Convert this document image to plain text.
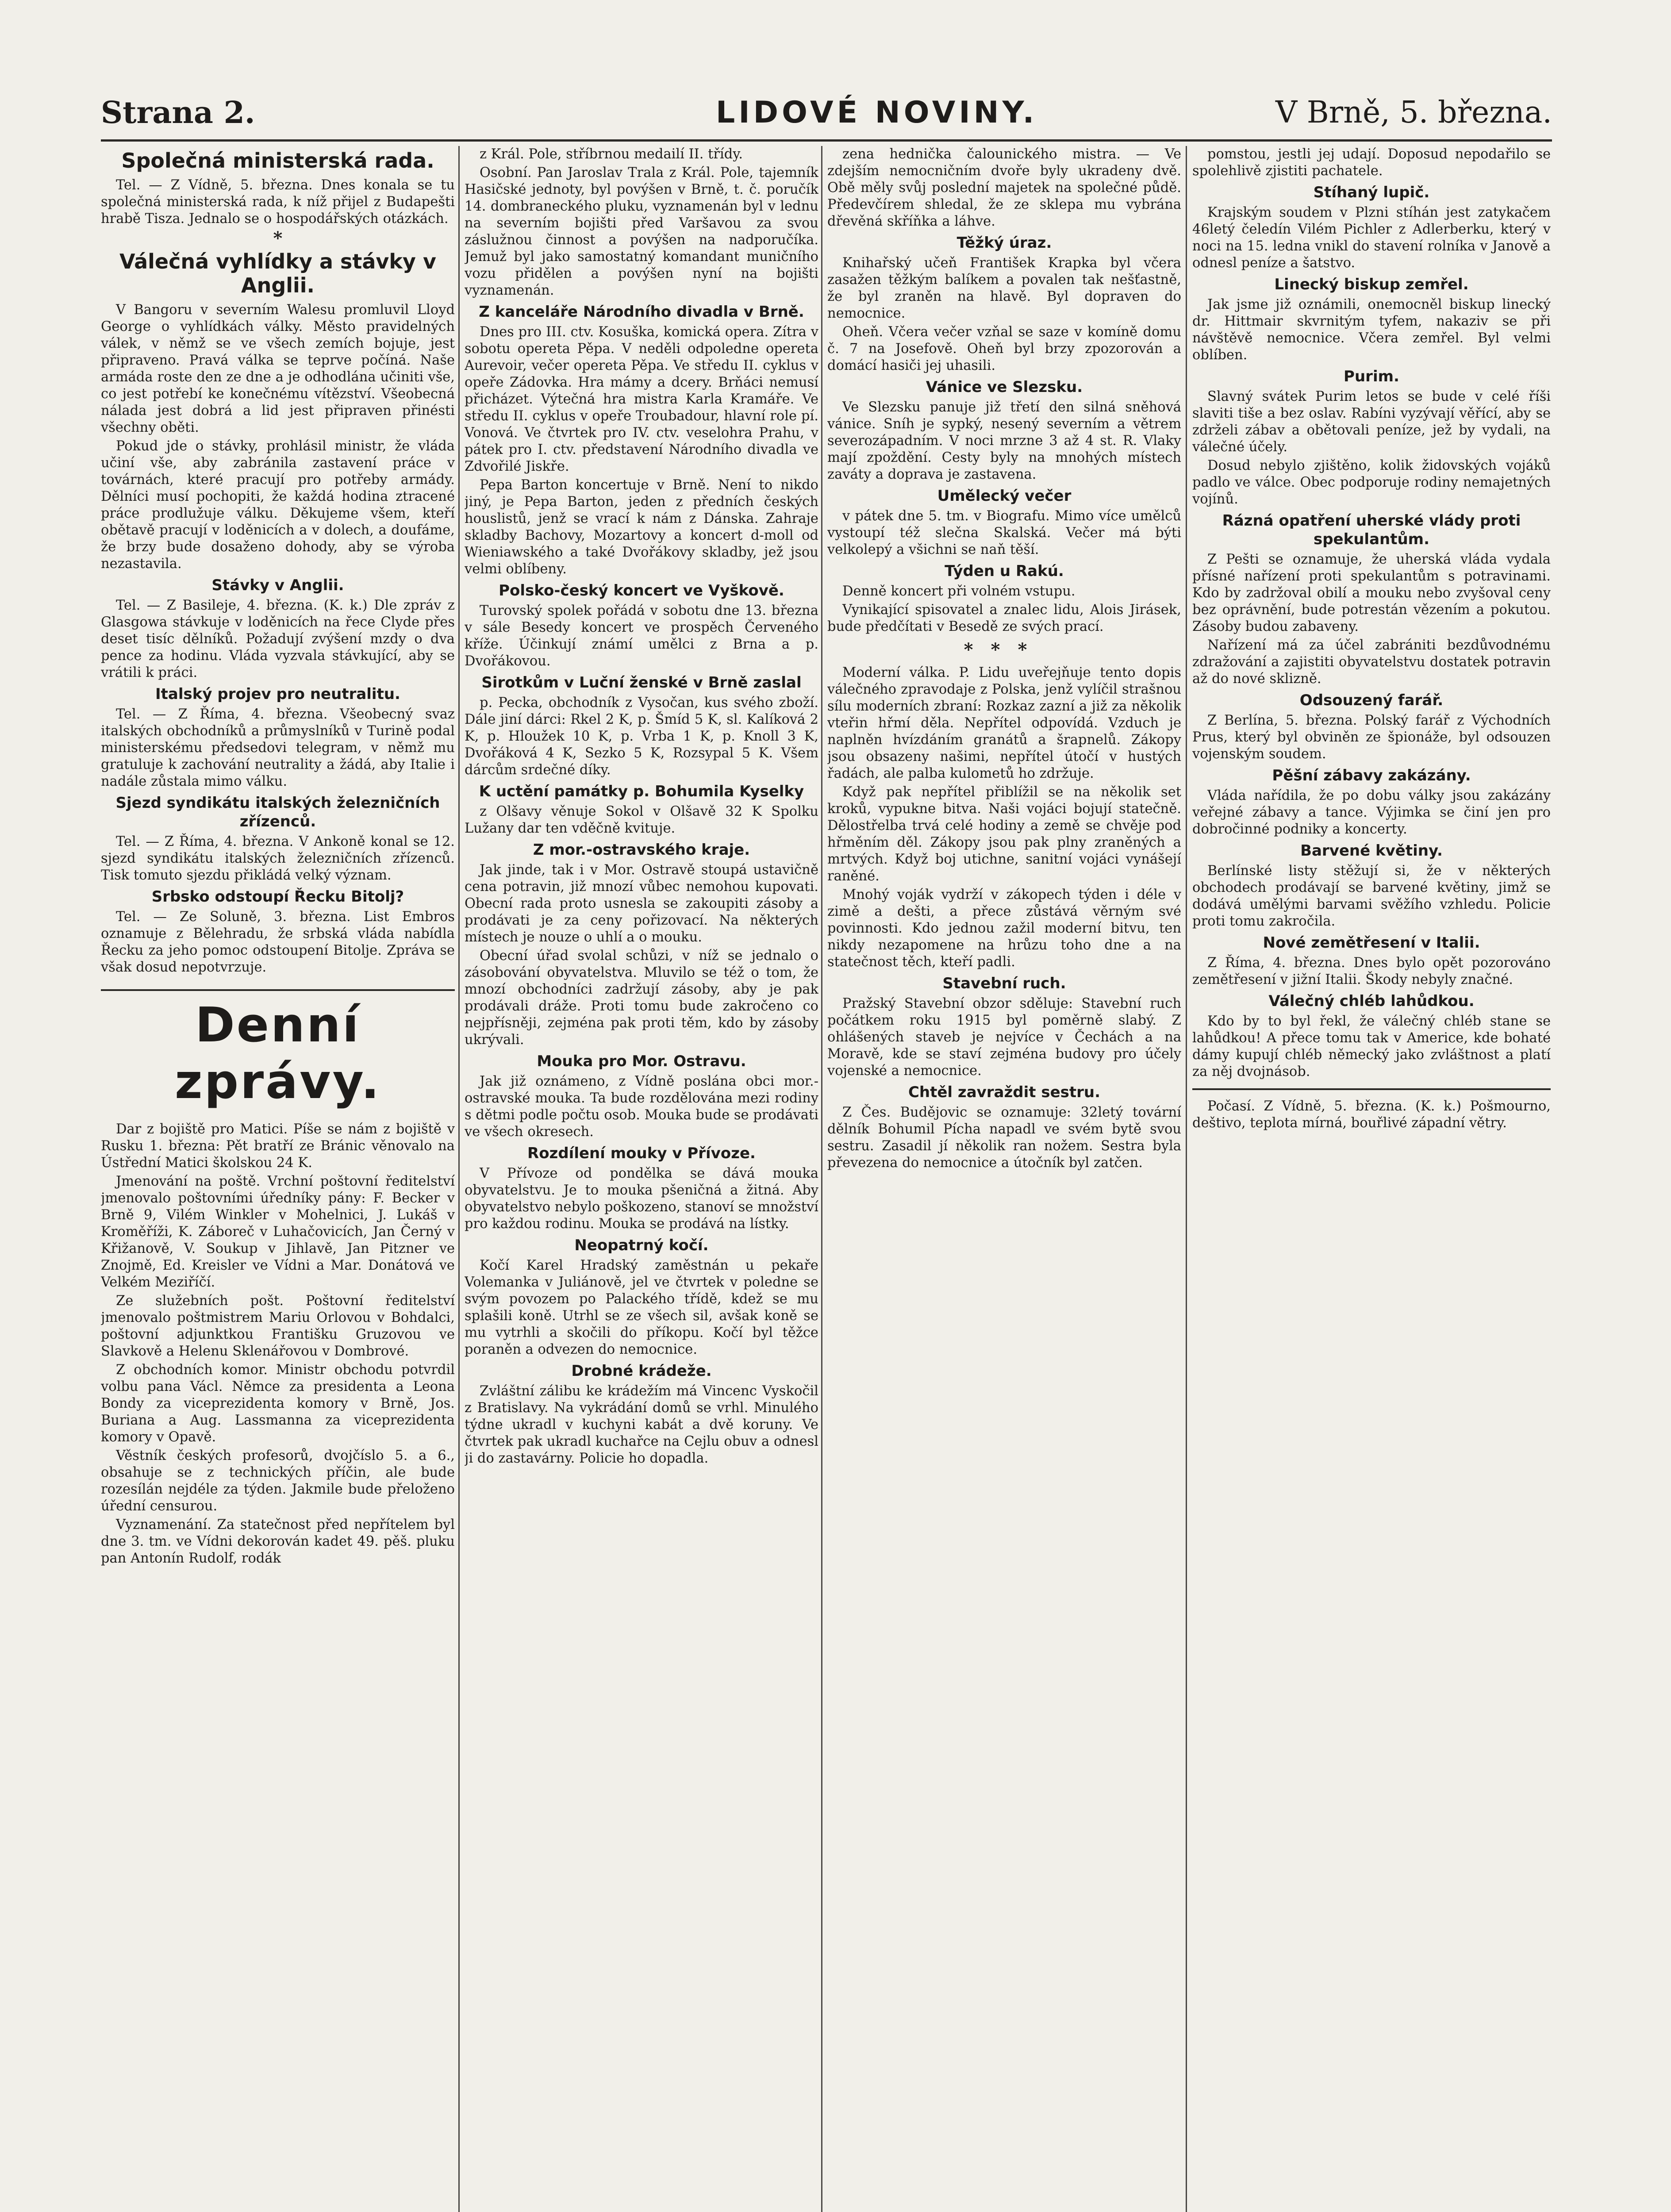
Strana 2.	LIDOVÉ NOVINY.	V Brně, 5. března.
Společná ministerská rada.

Tel. — Z Vídně, 5. března. Dnes konala se tu společná ministerská rada, k níž přijel z Budapešti hrabě Tisza. Jednalo se o hospodářských otázkách.

*
Válečná vyhlídky a stávky v Anglii.

V Bangoru v severním Walesu promluvil Lloyd George o vyhlídkách války. Město pravidelných válek, v němž se ve všech zemích bojuje, jest připraveno. Pravá válka se teprve počíná. Naše armáda roste den ze dne a je odhodlána učiniti vše, co jest potřebí ke konečnému vítězství. Všeobecná nálada jest dobrá a lid jest připraven přinésti všechny oběti.

Pokud jde o stávky, prohlásil ministr, že vláda učiní vše, aby zabránila zastavení práce v továrnách, které pracují pro potřeby armády. Dělníci musí pochopiti, že každá hodina ztracené práce prodlužuje válku. Děkujeme všem, kteří obětavě pracují v loděnicích a v dolech, a doufáme, že brzy bude dosaženo dohody, aby se výroba nezastavila.

Stávky v Anglii.

Tel. — Z Basileje, 4. března. (K. k.) Dle zpráv z Glasgowa stávkuje v loděnicích na řece Clyde přes deset tisíc dělníků. Požadují zvýšení mzdy o dva pence za hodinu. Vláda vyzvala stávkující, aby se vrátili k práci.

Italský projev pro neutralitu.

Tel. — Z Říma, 4. března. Všeobecný svaz italských obchodníků a průmyslníků v Turině podal ministerskému předsedovi telegram, v němž mu gratuluje k zachování neutrality a žádá, aby Italie i nadále zůstala mimo válku.

Sjezd syndikátu italských železničních zřízenců.

Tel. — Z Říma, 4. března. V Ankoně konal se 12. sjezd syndikátu italských železničních zřízenců. Tisk tomuto sjezdu přikládá velký význam.

Srbsko odstoupí Řecku Bitolj?

Tel. — Ze Soluně, 3. března. List Embros oznamuje z Bělehradu, že srbská vláda nabídla Řecku za jeho pomoc odstoupení Bitolje. Zpráva se však dosud nepotvrzuje.

Denní zprávy.

Dar z bojiště pro Matici. Píše se nám z bojiště v Rusku 1. března: Pět bratří ze Bránic věnovalo na Ústřední Matici školskou 24 K.

Jmenování na poště. Vrchní poštovní ředitelství jmenovalo poštovními úředníky pány: F. Becker v Brně 9, Vilém Winkler v Mohelnici, J. Lukáš v Kroměříži, K. Záboreč v Luhačovicích, Jan Černý v Křižanově, V. Soukup v Jihlavě, Jan Pitzner ve Znojmě, Ed. Kreisler ve Vídni a Mar. Donátová ve Velkém Meziříčí.

Ze služebních pošt. Poštovní ředitelství jmenovalo poštmistrem Mariu Orlovou v Bohdalci, poštovní adjunktkou Františku Gruzovou ve Slavkově a Helenu Sklenářovou v Dombrové.

Z obchodních komor. Ministr obchodu potvrdil volbu pana Václ. Němce za presidenta a Leona Bondy za viceprezidenta komory v Brně, Jos. Buriana a Aug. Lassmanna za viceprezidenta komory v Opavě.

Věstník českých profesorů, dvojčíslo 5. a 6., obsahuje se z technických příčin, ale bude rozesílán nejdéle za týden. Jakmile bude přeloženo úřední censurou.

Vyznamenání. Za statečnost před nepřítelem byl dne 3. tm. ve Vídni dekorován kadet 49. pěš. pluku pan Antonín Rudolf, rodák

z Král. Pole, stříbrnou medailí II. třídy.

Osobní. Pan Jaroslav Trala z Král. Pole, tajemník Hasičské jednoty, byl povýšen v Brně, t. č. poručík 14. dombraneckého pluku, vyznamenán byl v lednu na severním bojišti před Varšavou za svou záslužnou činnost a povýšen na nadporučíka. Jemuž byl jako samostatný komandant muničního vozu přidělen a povýšen nyní na bojišti vyznamenán.

Z kanceláře Národního divadla v Brně.

Dnes pro III. ctv. Kosuška, komická opera. Zítra v sobotu opereta Pěpa. V neděli odpoledne opereta Aurevoir, večer opereta Pěpa. Ve středu II. cyklus v opeře Zádovka. Hra mámy a dcery. Brňáci nemusí přicházet. Výtečná hra mistra Karla Kramáře. Ve středu II. cyklus v opeře Troubadour, hlavní role pí. Vonová. Ve čtvrtek pro IV. ctv. veselohra Prahu, v pátek pro I. ctv. představení Národního divadla ve Zdvořilé Jiskře.

Pepa Barton koncertuje v Brně. Není to nikdo jiný, je Pepa Barton, jeden z předních českých houslistů, jenž se vrací k nám z Dánska. Zahraje skladby Bachovy, Mozartovy a koncert d-moll od Wieniawského a také Dvořákovy skladby, jež jsou velmi oblíbeny.

Polsko-český koncert ve Vyškově.

Turovský spolek pořádá v sobotu dne 13. března v sále Besedy koncert ve prospěch Červeného kříže. Účinkují známí umělci z Brna a p. Dvořákovou.

Sirotkům v Luční ženské v Brně zaslal

p. Pecka, obchodník z Vysočan, kus svého zboží. Dále jiní dárci: Rkel 2 K, p. Šmíd 5 K, sl. Kalíková 2 K, p. Hloužek 10 K, p. Vrba 1 K, p. Knoll 3 K, Dvořáková 4 K, Sezko 5 K, Rozsypal 5 K. Všem dárcům srdečné díky.

K uctění památky p. Bohumila Kyselky

z Olšavy věnuje Sokol v Olšavě 32 K Spolku Lužany dar ten vděčně kvituje.

Z mor.-ostravského kraje.

Jak jinde, tak i v Mor. Ostravě stoupá ustavičně cena potravin, již mnozí vůbec nemohou kupovati. Obecní rada proto usnesla se zakoupiti zásoby a prodávati je za ceny pořizovací. Na některých místech je nouze o uhlí a o mouku.

Obecní úřad svolal schůzi, v níž se jednalo o zásobování obyvatelstva. Mluvilo se též o tom, že mnozí obchodníci zadržují zásoby, aby je pak prodávali dráže. Proti tomu bude zakročeno co nejpřísněji, zejména pak proti těm, kdo by zásoby ukrývali.

Mouka pro Mor. Ostravu.

Jak již oznámeno, z Vídně poslána obci mor.-ostravské mouka. Ta bude rozdělována mezi rodiny s dětmi podle počtu osob. Mouka bude se prodávati ve všech okresech.

Rozdílení mouky v Přívoze.

V Přívoze od pondělka se dává mouka obyvatelstvu. Je to mouka pšeničná a žitná. Aby obyvatelstvo nebylo poškozeno, stanoví se množství pro každou rodinu. Mouka se prodává na lístky.

Neopatrný kočí.

Kočí Karel Hradský zaměstnán u pekaře Volemanka v Juliánově, jel ve čtvrtek v poledne se svým povozem po Palackého třídě, kdež se mu splašili koně. Utrhl se ze všech sil, avšak koně se mu vytrhli a skočili do příkopu. Kočí byl těžce poraněn a odvezen do nemocnice.

Drobné krádeže.

Zvláštní zálibu ke krádežím má Vincenc Vyskočil z Bratislavy. Na vykrádání domů se vrhl. Minulého týdne ukradl v kuchyni kabát a dvě koruny. Ve čtvrtek pak ukradl kuchařce na Cejlu obuv a odnesl ji do zastavárny. Policie ho dopadla.

zena hednička čalounického mistra. — Ve zdejším nemocničním dvoře byly ukradeny dvě. Obě měly svůj poslední majetek na společné půdě. Předevčírem shledal, že ze sklepa mu vybrána dřevěná skříňka a láhve.

Těžký úraz.

Knihařský učeň František Krapka byl včera zasažen těžkým balíkem a povalen tak nešťastně, že byl zraněn na hlavě. Byl dopraven do nemocnice.

Oheň. Včera večer vzňal se saze v komíně domu č. 7 na Josefově. Oheň byl brzy zpozorován a domácí hasiči jej uhasili.

Vánice ve Slezsku.

Ve Slezsku panuje již třetí den silná sněhová vánice. Sníh je sypký, nesený severním a větrem severozápadním. V noci mrzne 3 až 4 st. R. Vlaky mají zpoždění. Cesty byly na mnohých místech zaváty a doprava je zastavena.

Umělecký večer

v pátek dne 5. tm. v Biografu. Mimo více umělců vystoupí též slečna Skalská. Večer má býti velkolepý a všichni se naň těší.

Týden u Rakú.

Denně koncert při volném vstupu.

Vynikající spisovatel a znalec lidu, Alois Jirásek, bude předčítati v Besedě ze svých prací.

***

Moderní válka. P. Lidu uveřejňuje tento dopis válečného zpravodaje z Polska, jenž vylíčil strašnou sílu moderních zbraní: Rozkaz zazní a již za několik vteřin hřmí děla. Nepřítel odpovídá. Vzduch je naplněn hvízdáním granátů a šrapnelů. Zákopy jsou obsazeny našimi, nepřítel útočí v hustých řadách, ale palba kulometů ho zdržuje.

Když pak nepřítel přiblížil se na několik set kroků, vypukne bitva. Naši vojáci bojují statečně. Dělostřelba trvá celé hodiny a země se chvěje pod hřměním děl. Zákopy jsou pak plny zraněných a mrtvých. Když boj utichne, sanitní vojáci vynášejí raněné.

Mnohý voják vydrží v zákopech týden i déle v zimě a dešti, a přece zůstává věrným své povinnosti. Kdo jednou zažil moderní bitvu, ten nikdy nezapomene na hrůzu toho dne a na statečnost těch, kteří padli.

Stavební ruch.

Pražský Stavební obzor sděluje: Stavební ruch počátkem roku 1915 byl poměrně slabý. Z ohlášených staveb je nejvíce v Čechách a na Moravě, kde se staví zejména budovy pro účely vojenské a nemocnice.

Chtěl zavraždit sestru.

Z Čes. Budějovic se oznamuje: 32letý tovární dělník Bohumil Pícha napadl ve svém bytě svou sestru. Zasadil jí několik ran nožem. Sestra byla převezena do nemocnice a útočník byl zatčen.

pomstou, jestli jej udají. Doposud nepodařilo se spolehlivě zjistiti pachatele.

Stíhaný lupič.

Krajským soudem v Plzni stíhán jest zatykačem 46letý čeledín Vilém Pichler z Adlerberku, který v noci na 15. ledna vnikl do stavení rolníka v Janově a odnesl peníze a šatstvo.

Linecký biskup zemřel.

Jak jsme již oznámili, onemocněl biskup linecký dr. Hittmair skvrnitým tyfem, nakaziv se při návštěvě nemocnice. Včera zemřel. Byl velmi oblíben.

Purim.

Slavný svátek Purim letos se bude v celé říši slaviti tiše a bez oslav. Rabíni vyzývají věřící, aby se zdrželi zábav a obětovali peníze, jež by vydali, na válečné účely.

Dosud nebylo zjištěno, kolik židovských vojáků padlo ve válce. Obec podporuje rodiny nemajetných vojínů.

Rázná opatření uherské vlády proti spekulantům.

Z Pešti se oznamuje, že uherská vláda vydala přísné nařízení proti spekulantům s potravinami. Kdo by zadržoval obilí a mouku nebo zvyšoval ceny bez oprávnění, bude potrestán vězením a pokutou. Zásoby budou zabaveny.

Nařízení má za účel zabrániti bezdůvodnému zdražování a zajistiti obyvatelstvu dostatek potravin až do nové sklizně.

Odsouzený farář.

Z Berlína, 5. března. Polský farář z Východních Prus, který byl obviněn ze špionáže, byl odsouzen vojenským soudem.

Pěšní zábavy zakázány.

Vláda nařídila, že po dobu války jsou zakázány veřejné zábavy a tance. Výjimka se činí jen pro dobročinné podniky a koncerty.

Barvené květiny.

Berlínské listy stěžují si, že v některých obchodech prodávají se barvené květiny, jimž se dodává umělými barvami svěžího vzhledu. Policie proti tomu zakročila.

Nové zemětřesení v Italii.

Z Říma, 4. března. Dnes bylo opět pozorováno zemětřesení v jižní Italii. Škody nebyly značné.

Válečný chléb lahůdkou.

Kdo by to byl řekl, že válečný chléb stane se lahůdkou! A přece tomu tak v Americe, kde bohaté dámy kupují chléb německý jako zvláštnost a platí za něj dvojnásob.

Počasí. Z Vídně, 5. března. (K. k.) Pošmourno, deštivo, teplota mírná, bouřlivé západní větry.
